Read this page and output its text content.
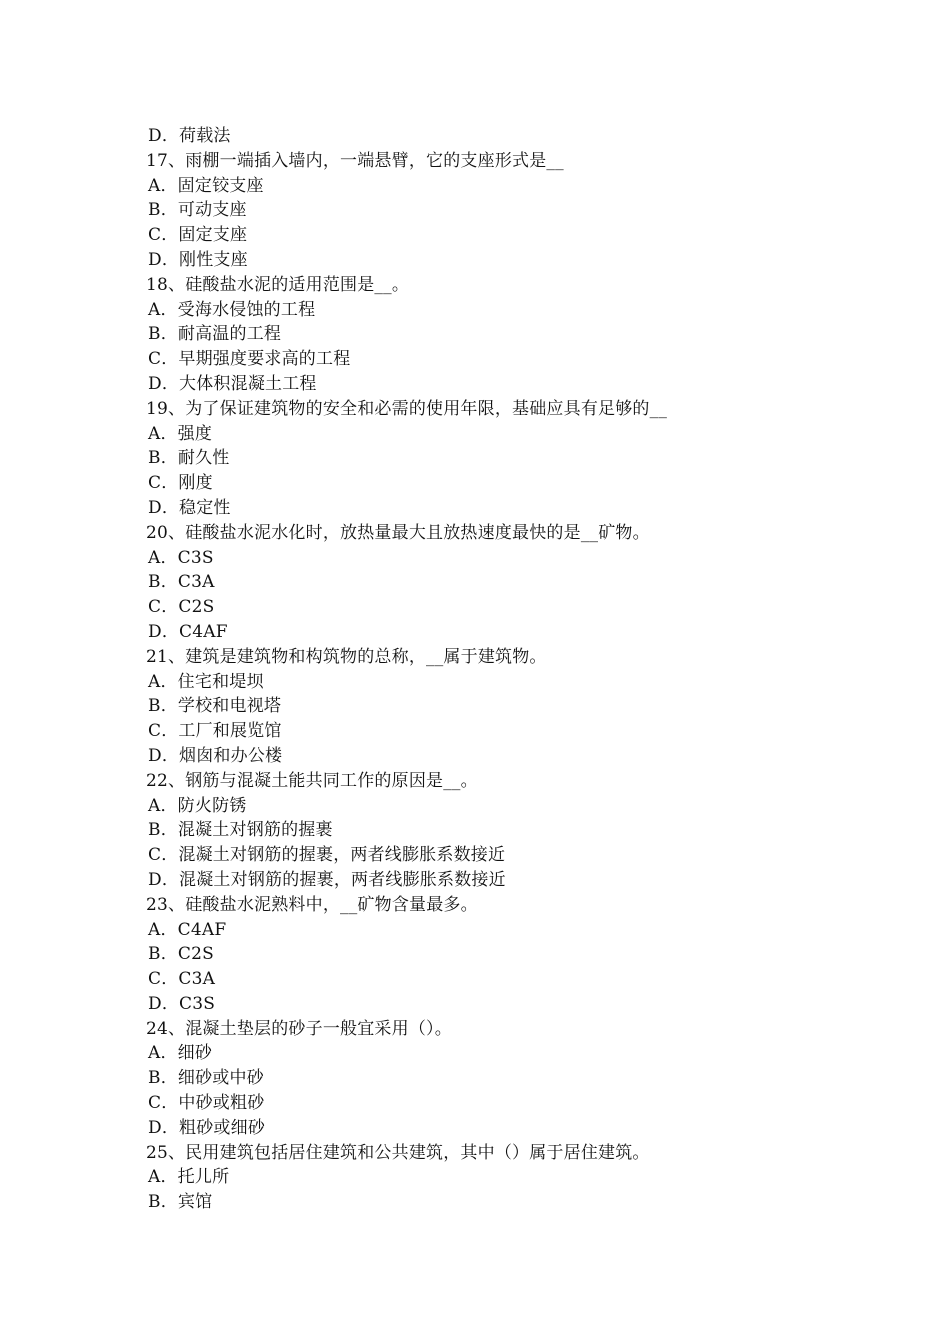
D．荷载法
17、雨棚一端插入墙内，一端悬臂，它的支座形式是__
A．固定铰支座
B．可动支座
C．固定支座
D．刚性支座
18、硅酸盐水泥的适用范围是__。
A．受海水侵蚀的工程
B．耐高温的工程
C．早期强度要求高的工程
D．大体积混凝土工程
19、为了保证建筑物的安全和必需的使用年限，基础应具有足够的__
A．强度
B．耐久性
C．刚度
D．稳定性
20、硅酸盐水泥水化时，放热量最大且放热速度最快的是__矿物。
A．C3S
B．C3A
C．C2S
D．C4AF
21、建筑是建筑物和构筑物的总称，__属于建筑物。
A．住宅和堤坝
B．学校和电视塔
C．工厂和展览馆
D．烟囱和办公楼
22、钢筋与混凝土能共同工作的原因是__。
A．防火防锈
B．混凝土对钢筋的握裹
C．混凝土对钢筋的握裹，两者线膨胀系数接近
D．混凝土对钢筋的握裹，两者线膨胀系数接近
23、硅酸盐水泥熟料中，__矿物含量最多。
A．C4AF
B．C2S
C．C3A
D．C3S
24、混凝土垫层的砂子一般宜采用（）。
A．细砂
B．细砂或中砂
C．中砂或粗砂
D．粗砂或细砂
25、民用建筑包括居住建筑和公共建筑，其中（）属于居住建筑。
A．托儿所
B．宾馆
